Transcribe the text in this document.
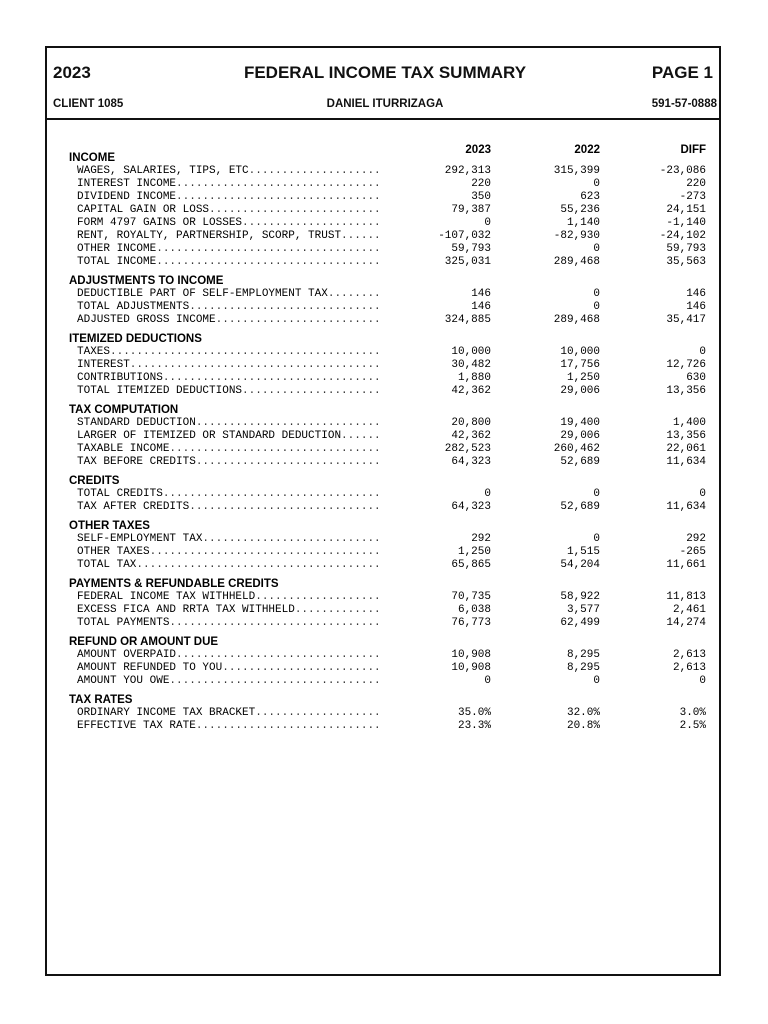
2023	FEDERAL INCOME TAX SUMMARY	PAGE 1
CLIENT 1085	DANIEL ITURRIZAGA	591-57-0888
2023	2022	DIFF
INCOME
WAGES, SALARIES, TIPS, ETC .....	292,313	315,399	-23,086
INTEREST INCOME .....	220	0	220
DIVIDEND INCOME .....	350	623	-273
CAPITAL GAIN OR LOSS .....	79,387	55,236	24,151
FORM 4797 GAINS OR LOSSES .....	0	1,140	-1,140
RENT, ROYALTY, PARTNERSHIP, SCORP, TRUST .....	-107,032	-82,930	-24,102
OTHER INCOME .....	59,793	0	59,793
TOTAL INCOME .....	325,031	289,468	35,563
ADJUSTMENTS TO INCOME
DEDUCTIBLE PART OF SELF-EMPLOYMENT TAX .....	146	0	146
TOTAL ADJUSTMENTS .....	146	0	146
ADJUSTED GROSS INCOME .....	324,885	289,468	35,417
ITEMIZED DEDUCTIONS
TAXES .....	10,000	10,000	0
INTEREST .....	30,482	17,756	12,726
CONTRIBUTIONS .....	1,880	1,250	630
TOTAL ITEMIZED DEDUCTIONS .....	42,362	29,006	13,356
TAX COMPUTATION
STANDARD DEDUCTION .....	20,800	19,400	1,400
LARGER OF ITEMIZED OR STANDARD DEDUCTION .....	42,362	29,006	13,356
TAXABLE INCOME .....	282,523	260,462	22,061
TAX BEFORE CREDITS .....	64,323	52,689	11,634
CREDITS
TOTAL CREDITS .....	0	0	0
TAX AFTER CREDITS .....	64,323	52,689	11,634
OTHER TAXES
SELF-EMPLOYMENT TAX .....	292	0	292
OTHER TAXES .....	1,250	1,515	-265
TOTAL TAX .....	65,865	54,204	11,661
PAYMENTS & REFUNDABLE CREDITS
FEDERAL INCOME TAX WITHHELD .....	70,735	58,922	11,813
EXCESS FICA AND RRTA TAX WITHHELD .....	6,038	3,577	2,461
TOTAL PAYMENTS .....	76,773	62,499	14,274
REFUND OR AMOUNT DUE
AMOUNT OVERPAID .....	10,908	8,295	2,613
AMOUNT REFUNDED TO YOU .....	10,908	8,295	2,613
AMOUNT YOU OWE .....	0	0	0
TAX RATES
ORDINARY INCOME TAX BRACKET .....	35.0%	32.0%	3.0%
EFFECTIVE TAX RATE .....	23.3%	20.8%	2.5%
